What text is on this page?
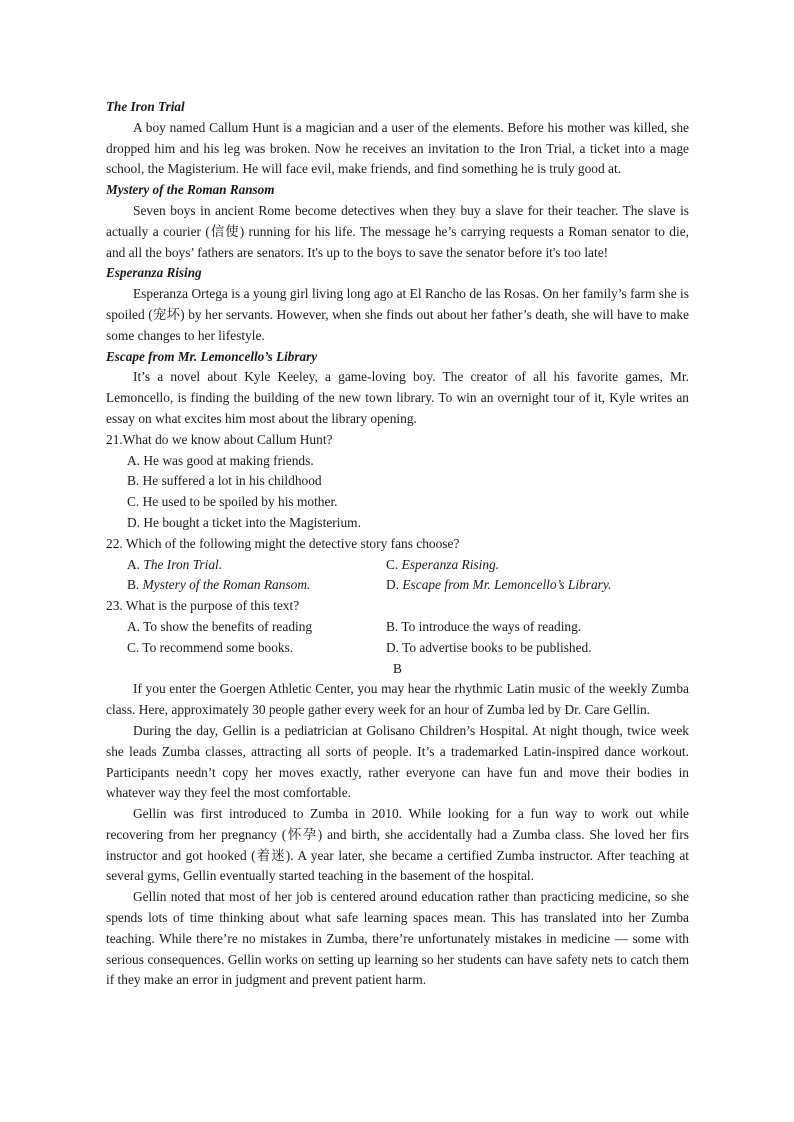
The Iron Trial
A boy named Callum Hunt is a magician and a user of the elements. Before his mother was killed, she dropped him and his leg was broken. Now he receives an invitation to the Iron Trial, a ticket into a mage school, the Magisterium. He will face evil, make friends, and find something he is truly good at.
Mystery of the Roman Ransom
Seven boys in ancient Rome become detectives when they buy a slave for their teacher. The slave is actually a courier (信使) running for his life. The message he’s carrying requests a Roman senator to die, and all the boys’ fathers are senators. It's up to the boys to save the senator before it's too late!
Esperanza Rising
Esperanza Ortega is a young girl living long ago at El Rancho de las Rosas. On her family’s farm she is spoiled (宠坏) by her servants. However, when she finds out about her father’s death, she will have to make some changes to her lifestyle.
Escape from Mr. Lemoncello’s Library
It’s a novel about Kyle Keeley, a game-loving boy. The creator of all his favorite games, Mr. Lemoncello, is finding the building of the new town library. To win an overnight tour of it, Kyle writes an essay on what excites him most about the library opening.
21.What do we know about Callum Hunt?
A. He was good at making friends.
B. He suffered a lot in his childhood
C. He used to be spoiled by his mother.
D. He bought a ticket into the Magisterium.
22. Which of the following might the detective story fans choose?
A. The Iron Trial.	C. Esperanza Rising.
B. Mystery of the Roman Ransom.	D. Escape from Mr. Lemoncello’s Library.
23. What is the purpose of this text?
A. To show the benefits of reading	B. To introduce the ways of reading.
C. To recommend some books.	D. To advertise books to be published.
B
If you enter the Goergen Athletic Center, you may hear the rhythmic Latin music of the weekly Zumba class. Here, approximately 30 people gather every week for an hour of Zumba led by Dr. Care Gellin.
During the day, Gellin is a pediatrician at Golisano Children’s Hospital. At night though, twice week she leads Zumba classes, attracting all sorts of people. It’s a trademarked Latin-inspired dance workout. Participants needn’t copy her moves exactly, rather everyone can have fun and move their bodies in whatever way they feel the most comfortable.
Gellin was first introduced to Zumba in 2010. While looking for a fun way to work out while recovering from her pregnancy (怀孕) and birth, she accidentally had a Zumba class. She loved her firs instructor and got hooked (着迷). A year later, she became a certified Zumba instructor. After teaching at several gyms, Gellin eventually started teaching in the basement of the hospital.
Gellin noted that most of her job is centered around education rather than practicing medicine, so she spends lots of time thinking about what safe learning spaces mean. This has translated into her Zumba teaching. While there’re no mistakes in Zumba, there’re unfortunately mistakes in medicine — some with serious consequences. Gellin works on setting up learning so her students can have safety nets to catch them if they make an error in judgment and prevent patient harm.
